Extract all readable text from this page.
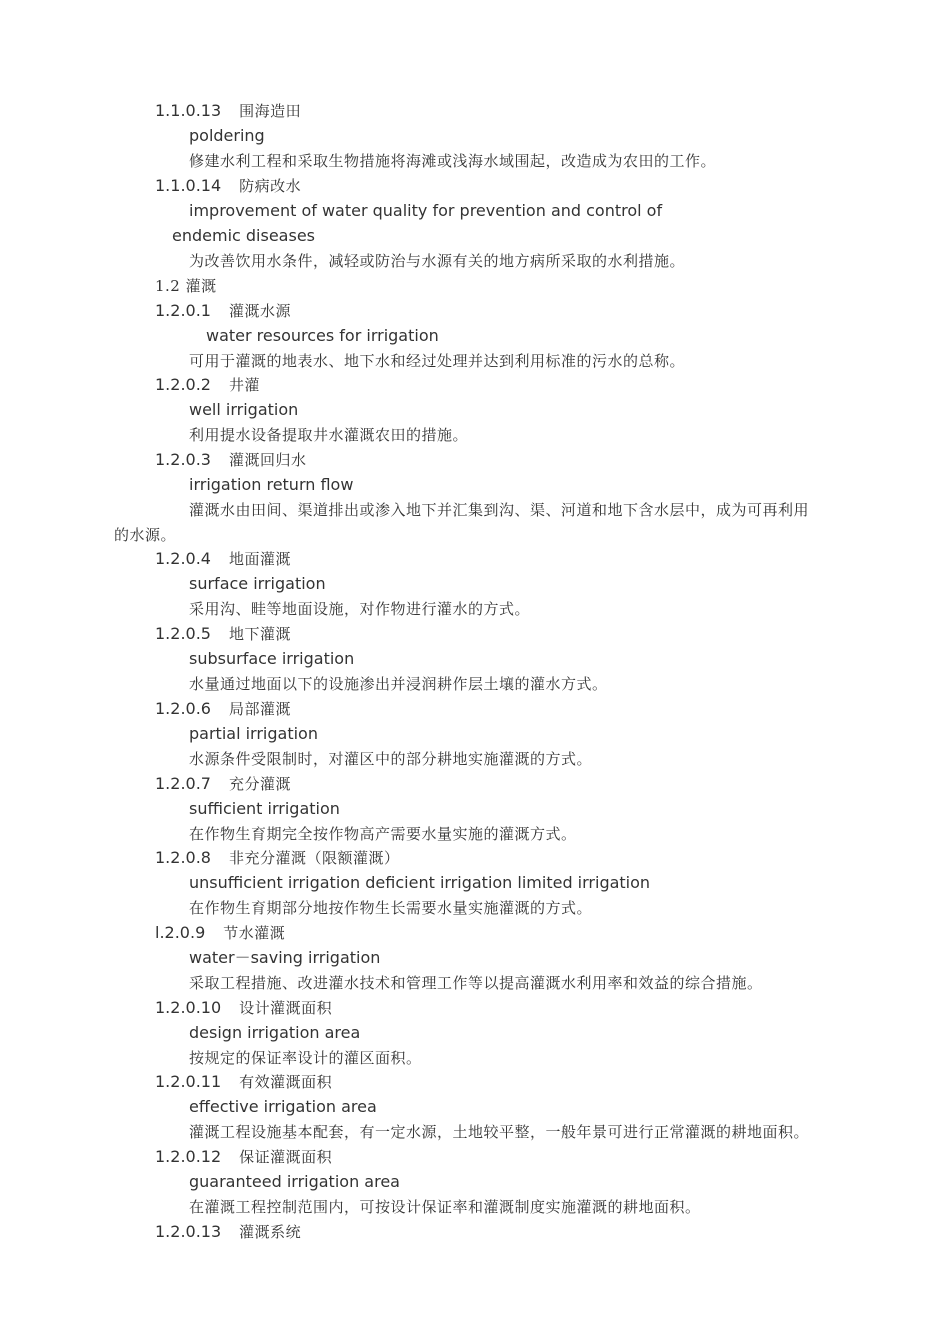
1.1.0.13 围海造田
poldering
修建水利工程和采取生物措施将海滩或浅海水域围起，改造成为农田的工作。
1.1.0.14 防病改水
improvement of water quality for prevention and control of
endemic diseases
为改善饮用水条件，减轻或防治与水源有关的地方病所采取的水利措施。
1.2 灌溉
1.2.0.1 灌溉水源
water resources for irrigation
可用于灌溉的地表水、地下水和经过处理并达到利用标准的污水的总称。
1.2.0.2 井灌
well irrigation
利用提水设备提取井水灌溉农田的措施。
1.2.0.3 灌溉回归水
irrigation return flow
灌溉水由田间、渠道排出或渗入地下并汇集到沟、渠、河道和地下含水层中，成为可再利用
的水源。
1.2.0.4 地面灌溉
surface irrigation
采用沟、畦等地面设施，对作物进行灌水的方式。
1.2.0.5 地下灌溉
subsurface irrigation
水量通过地面以下的设施渗出并浸润耕作层土壤的灌水方式。
1.2.0.6 局部灌溉
partial irrigation
水源条件受限制时，对灌区中的部分耕地实施灌溉的方式。
1.2.0.7 充分灌溉
sufficient irrigation
在作物生育期完全按作物高产需要水量实施的灌溉方式。
1.2.0.8 非充分灌溉（限额灌溉）
unsufficient irrigation deficient irrigation limited irrigation
在作物生育期部分地按作物生长需要水量实施灌溉的方式。
l.2.0.9 节水灌溉
water－saving irrigation
采取工程措施、改进灌水技术和管理工作等以提高灌溉水利用率和效益的综合措施。
1.2.0.10 设计灌溉面积
design irrigation area
按规定的保证率设计的灌区面积。
1.2.0.11 有效灌溉面积
effective irrigation area
灌溉工程设施基本配套，有一定水源，土地较平整，一般年景可进行正常灌溉的耕地面积。
1.2.0.12 保证灌溉面积
guaranteed irrigation area
在灌溉工程控制范围内，可按设计保证率和灌溉制度实施灌溉的耕地面积。
1.2.0.13 灌溉系统
